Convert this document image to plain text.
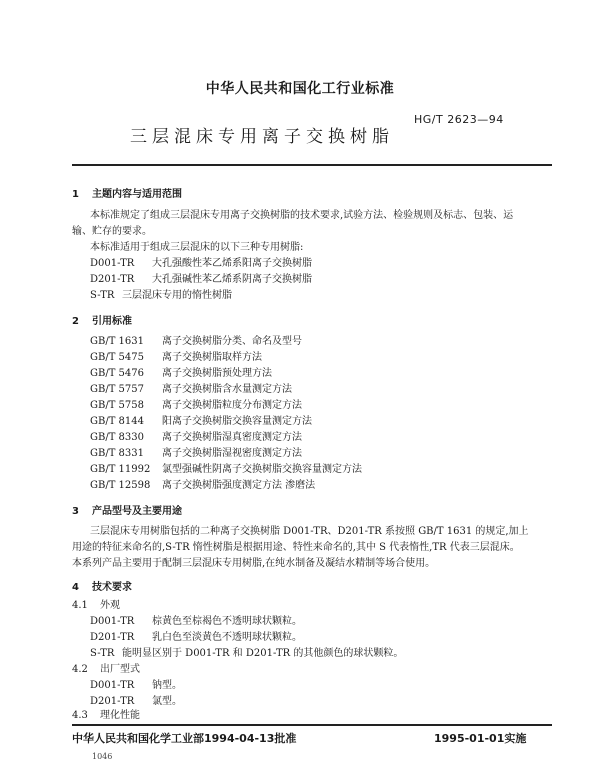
中华人民共和国化工行业标准
HG/T 2623—94
三层混床专用离子交换树脂
1 主题内容与适用范围
本标准规定了组成三层混床专用离子交换树脂的技术要求,试验方法、检验规则及标志、包装、运
输、贮存的要求。
本标准适用于组成三层混床的以下三种专用树脂:
D001-TR 大孔强酸性苯乙烯系阳离子交换树脂
D201-TR 大孔强碱性苯乙烯系阴离子交换树脂
S-TR 三层混床专用的惰性树脂
2 引用标准
GB/T 1631 离子交换树脂分类、命名及型号
GB/T 5475 离子交换树脂取样方法
GB/T 5476 离子交换树脂预处理方法
GB/T 5757 离子交换树脂含水量测定方法
GB/T 5758 离子交换树脂粒度分布测定方法
GB/T 8144 阳离子交换树脂交换容量测定方法
GB/T 8330 离子交换树脂湿真密度测定方法
GB/T 8331 离子交换树脂湿视密度测定方法
GB/T 11992 氯型强碱性阴离子交换树脂交换容量测定方法
GB/T 12598 离子交换树脂强度测定方法 渗磨法
3 产品型号及主要用途
三层混床专用树脂包括的二种离子交换树脂 D001-TR、D201-TR 系按照 GB/T 1631 的规定,加上
用途的特征来命名的,S-TR 惰性树脂是根据用途、特性来命名的,其中 S 代表惰性,TR 代表三层混床。
本系列产品主要用于配制三层混床专用树脂,在纯水制备及凝结水精制等场合使用。
4 技术要求
4.1 外观
D001-TR 棕黄色至棕褐色不透明球状颗粒。
D201-TR 乳白色至淡黄色不透明球状颗粒。
S-TR 能明显区别于 D001-TR 和 D201-TR 的其他颜色的球状颗粒。
4.2 出厂型式
D001-TR 钠型。
D201-TR 氯型。
4.3 理化性能
中华人民共和国化学工业部1994-04-13批准	1995-01-01实施
1046
